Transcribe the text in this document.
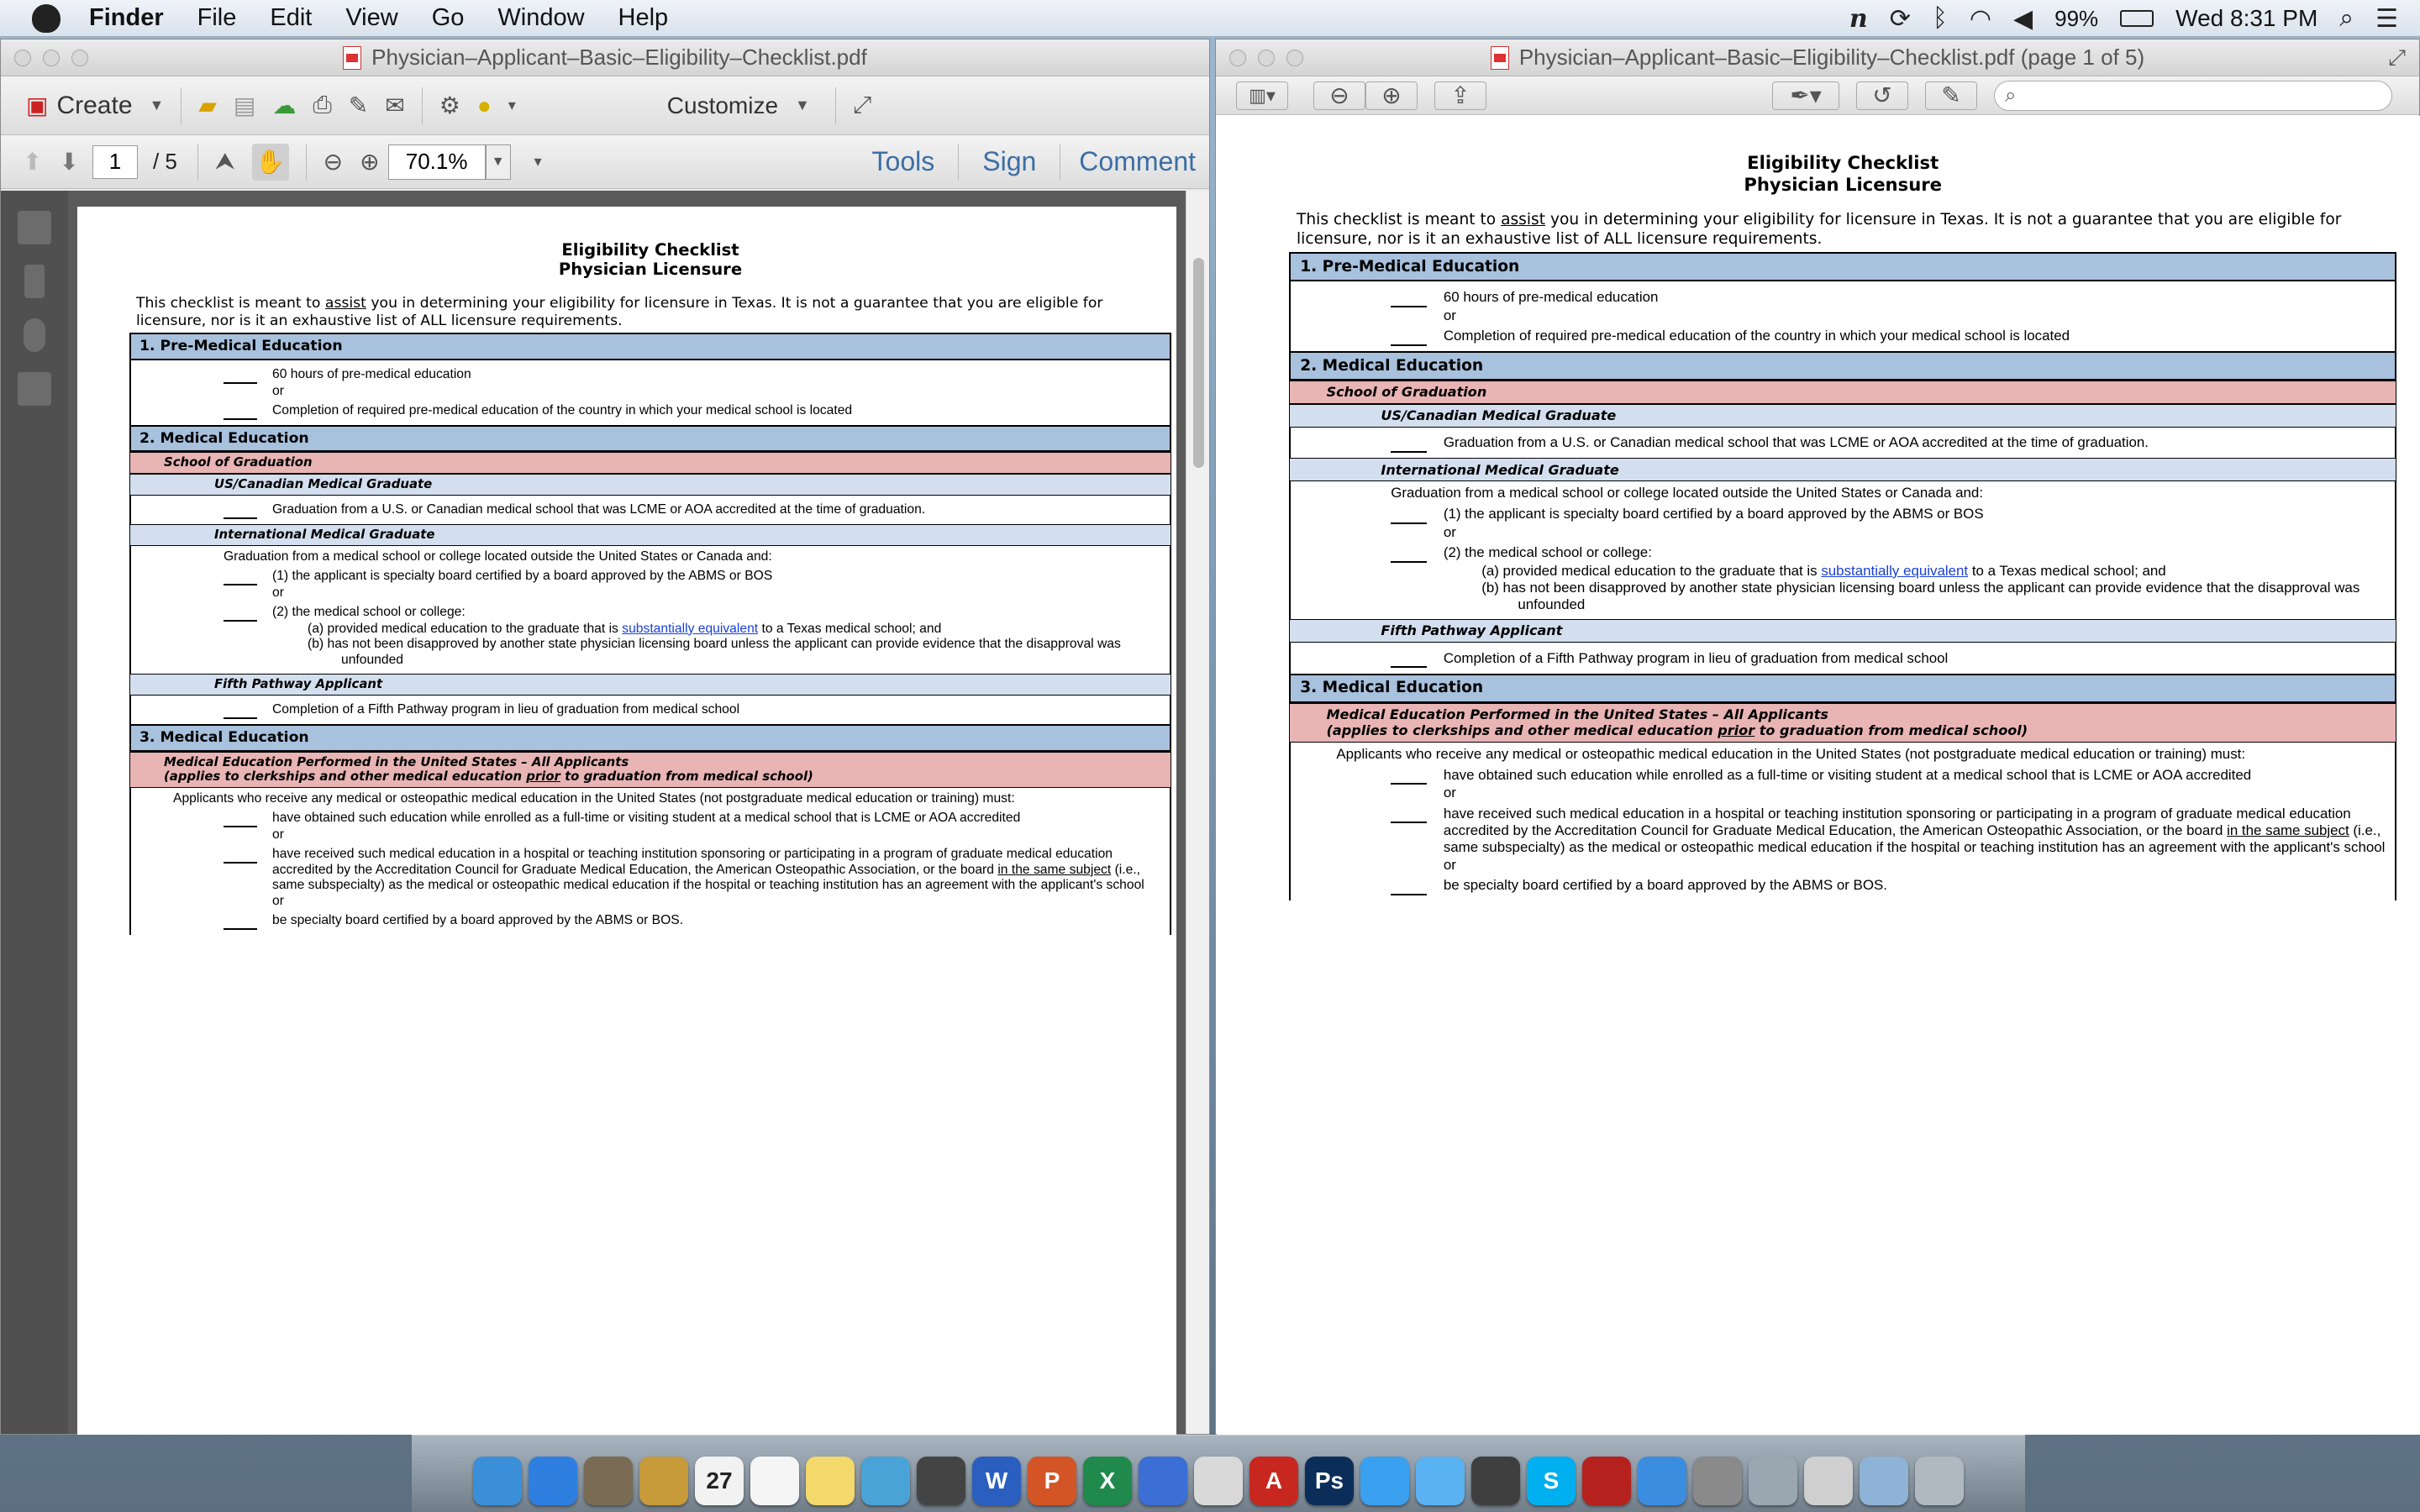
Finder File Edit View Go Window Help	n ⟳ ᛒ ◠ ◀ 99%	Wed 8:31 PM ⌕ ☰
Physician–Applicant–Basic–Eligibility–Checklist.pdf
▣ Create ▼ ▰ ▤ ☁ ⎙ ✎ ✉ ⚙ ● ▾	Customize ▼ ⤢
⬆ ⬇
1	/ 5 ⮝ ✋ ⊖ ⊕
70.1%	▼	▾	Tools	Sign	Comment
Eligibility Checklist
Physician Licensure
This checklist is meant to assist you in determining your eligibility for licensure in Texas. It is not a guarantee that you are eligible for licensure, nor is it an exhaustive list of ALL licensure requirements.
1. Pre-Medical Education
60 hours of pre-medical education
or
Completion of required pre-medical education of the country in which your medical school is located
2. Medical Education
School of Graduation
US/Canadian Medical Graduate
Graduation from a U.S. or Canadian medical school that was LCME or AOA accredited at the time of graduation.
International Medical Graduate
Graduation from a medical school or college located outside the United States or Canada and:
(1) the applicant is specialty board certified by a board approved by the ABMS or BOS
or
(2) the medical school or college:
(a) provided medical education to the graduate that is substantially equivalent to a Texas medical school; and
(b) has not been disapproved by another state physician licensing board unless the applicant can provide evidence that the disapproval was unfounded
Fifth Pathway Applicant
Completion of a Fifth Pathway program in lieu of graduation from medical school
3. Medical Education
Medical Education Performed in the United States – All Applicants
(applies to clerkships and other medical education prior to graduation from medical school)
Applicants who receive any medical or osteopathic medical education in the United States (not postgraduate medical education or training) must:
have obtained such education while enrolled as a full-time or visiting student at a medical school that is LCME or AOA accredited
or
have received such medical education in a hospital or teaching institution sponsoring or participating in a program of graduate medical education accredited by the Accreditation Council for Graduate Medical Education, the American Osteopathic Association, or the board in the same subject (i.e., same subspecialty) as the medical or osteopathic medical education if the hospital or teaching institution has an agreement with the applicant's school
or
be specialty board certified by a board approved by the ABMS or BOS.
Physician–Applicant–Basic–Eligibility–Checklist.pdf (page 1 of 5)	⤢
▥▾	⊖	⊕	⇪	✒▾	↺	✎	⌕
Eligibility Checklist
Physician Licensure
This checklist is meant to assist you in determining your eligibility for licensure in Texas. It is not a guarantee that you are eligible for licensure, nor is it an exhaustive list of ALL licensure requirements.
1. Pre-Medical Education
60 hours of pre-medical education
or
Completion of required pre-medical education of the country in which your medical school is located
2. Medical Education
School of Graduation
US/Canadian Medical Graduate
Graduation from a U.S. or Canadian medical school that was LCME or AOA accredited at the time of graduation.
International Medical Graduate
Graduation from a medical school or college located outside the United States or Canada and:
(1) the applicant is specialty board certified by a board approved by the ABMS or BOS
or
(2) the medical school or college:
(a) provided medical education to the graduate that is substantially equivalent to a Texas medical school; and
(b) has not been disapproved by another state physician licensing board unless the applicant can provide evidence that the disapproval was unfounded
Fifth Pathway Applicant
Completion of a Fifth Pathway program in lieu of graduation from medical school
3. Medical Education
Medical Education Performed in the United States – All Applicants
(applies to clerkships and other medical education prior to graduation from medical school)
Applicants who receive any medical or osteopathic medical education in the United States (not postgraduate medical education or training) must:
have obtained such education while enrolled as a full-time or visiting student at a medical school that is LCME or AOA accredited
or
have received such medical education in a hospital or teaching institution sponsoring or participating in a program of graduate medical education accredited by the Accreditation Council for Graduate Medical Education, the American Osteopathic Association, or the board in the same subject (i.e., same subspecialty) as the medical or osteopathic medical education if the hospital or teaching institution has an agreement with the applicant's school
or
be specialty board certified by a board approved by the ABMS or BOS.
27	W	P	X	A	Ps	S
